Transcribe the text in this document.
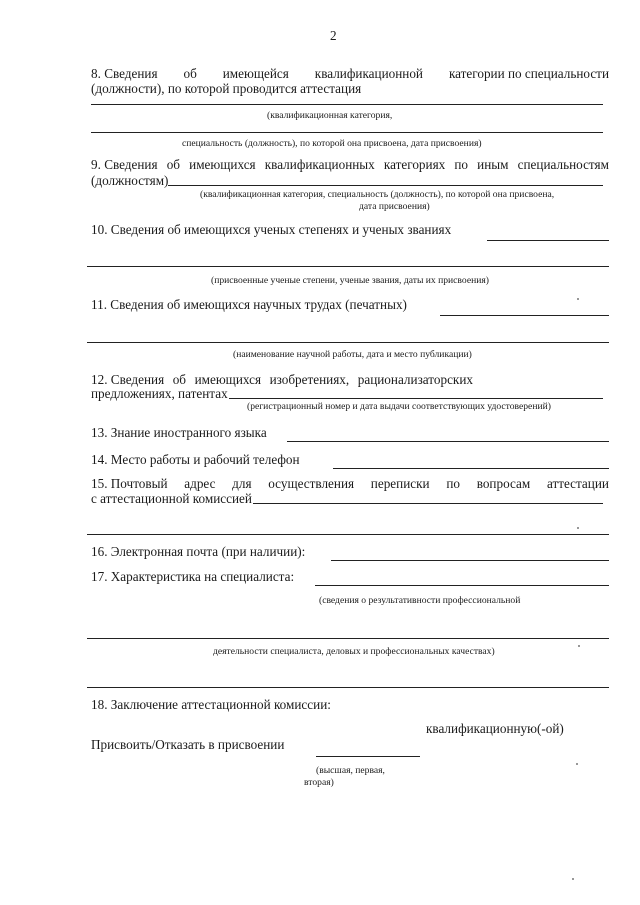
2
8. Сведения об имеющейся квалификационной категории по специальности
(должности), по которой проводится аттестация
(квалификационная категория,
специальность (должность), по которой она присвоена, дата присвоения)
9. Сведения об имеющихся квалификационных категориях по иным специальностям
(должностям)
(квалификационная категория, специальность (должность), по которой она присвоена,
дата присвоения)
10. Сведения об имеющихся ученых степенях и ученых званиях
(присвоенные ученые степени, ученые звания, даты их присвоения)
11. Сведения об имеющихся научных трудах (печатных)
(наименование научной работы, дата и место публикации)
12. Сведения об имеющихся изобретениях, рационализаторских
предложениях, патентах
(регистрационный номер и дата выдачи соответствующих удостоверений)
13. Знание иностранного языка
14. Место работы и рабочий телефон
15. Почтовый адрес для осуществления переписки по вопросам аттестации
с аттестационной комиссией
16. Электронная почта (при наличии):
17. Характеристика на специалиста:
(сведения о результативности профессиональной
деятельности специалиста, деловых и профессиональных качествах)
18. Заключение аттестационной комиссии:
квалификационную(-ой)
Присвоить/Отказать в присвоении
(высшая, первая,
вторая)
